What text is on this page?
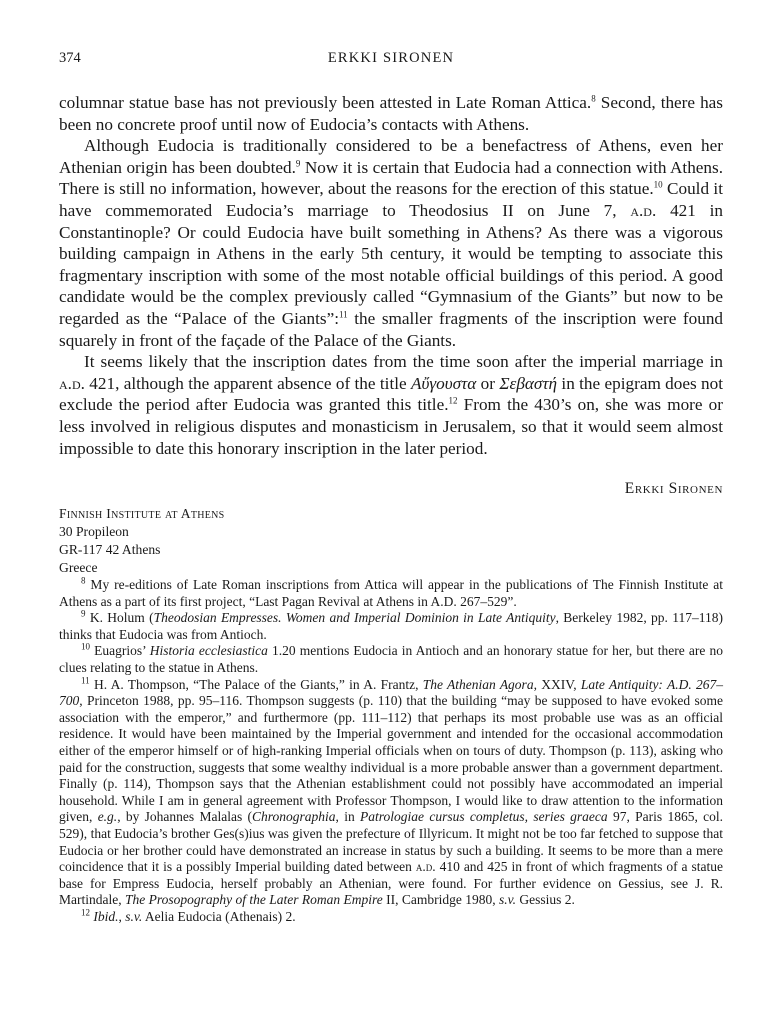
374	ERKKI SIRONEN

columnar statue base has not previously been attested in Late Roman Attica.$^8$ Second, there has been no concrete proof until now of Eudocia’s contacts with Athens.

Although Eudocia is traditionally considered to be a benefactress of Athens, even her Athenian origin has been doubted.$^9$ Now it is certain that Eudocia had a connection with Athens. There is still no information, however, about the reasons for the erection of this statue.$^{10}$ Could it have commemorated Eudocia’s marriage to Theodosius II on June 7, a.d. 421 in Constantinople? Or could Eudocia have built something in Athens? As there was a vigorous building campaign in Athens in the early 5th century, it would be tempting to associate this fragmentary inscription with some of the most notable official buildings of this period. A good candidate would be the complex previously called “Gymnasium of the Giants” but now to be regarded as the “Palace of the Giants”:$^{11}$ the smaller fragments of the inscription were found squarely in front of the façade of the Palace of the Giants.

It seems likely that the inscription dates from the time soon after the imperial marriage in a.d. 421, although the apparent absence of the title Αὔγουστα or Σεβαστή in the epigram does not exclude the period after Eudocia was granted this title.$^{12}$ From the 430’s on, she was more or less involved in religious disputes and monasticism in Jerusalem, so that it would seem almost impossible to date this honorary inscription in the later period.

Erkki Sironen
Finnish Institute at Athens
30 Propileon
GR-117 42 Athens
Greece

$^8$ My re-editions of Late Roman inscriptions from Attica will appear in the publications of The Finnish Institute at Athens as a part of its first project, “Last Pagan Revival at Athens in A.D. 267–529”.

$^9$ K. Holum (Theodosian Empresses. Women and Imperial Dominion in Late Antiquity, Berkeley 1982, pp. 117–118) thinks that Eudocia was from Antioch.

$^{10}$ Euagrios’ Historia ecclesiastica 1.20 mentions Eudocia in Antioch and an honorary statue for her, but there are no clues relating to the statue in Athens.

$^{11}$ H. A. Thompson, “The Palace of the Giants,” in A. Frantz, The Athenian Agora, XXIV, Late Antiquity: A.D. 267–700, Princeton 1988, pp. 95–116. Thompson suggests (p. 110) that the building “may be supposed to have evoked some association with the emperor,” and furthermore (pp. 111–112) that perhaps its most probable use was as an official residence. It would have been maintained by the Imperial government and intended for the occasional accommodation either of the emperor himself or of high-ranking Imperial officials when on tours of duty. Thompson (p. 113), asking who paid for the construction, suggests that some wealthy individual is a more probable answer than a government department. Finally (p. 114), Thompson says that the Athenian establishment could not possibly have accommodated an imperial household. While I am in general agreement with Professor Thompson, I would like to draw attention to the information given, e.g., by Johannes Malalas (Chronographia, in Patrologiae cursus completus, series graeca 97, Paris 1865, col. 529), that Eudocia’s brother Ges(s)ius was given the prefecture of Illyricum. It might not be too far fetched to suppose that Eudocia or her brother could have demonstrated an increase in status by such a building. It seems to be more than a mere coincidence that it is a possibly Imperial building dated between a.d. 410 and 425 in front of which fragments of a statue base for Empress Eudocia, herself probably an Athenian, were found. For further evidence on Gessius, see J. R. Martindale, The Prosopography of the Later Roman Empire II, Cambridge 1980, s.v. Gessius 2.

$^{12}$ Ibid., s.v. Aelia Eudocia (Athenais) 2.
